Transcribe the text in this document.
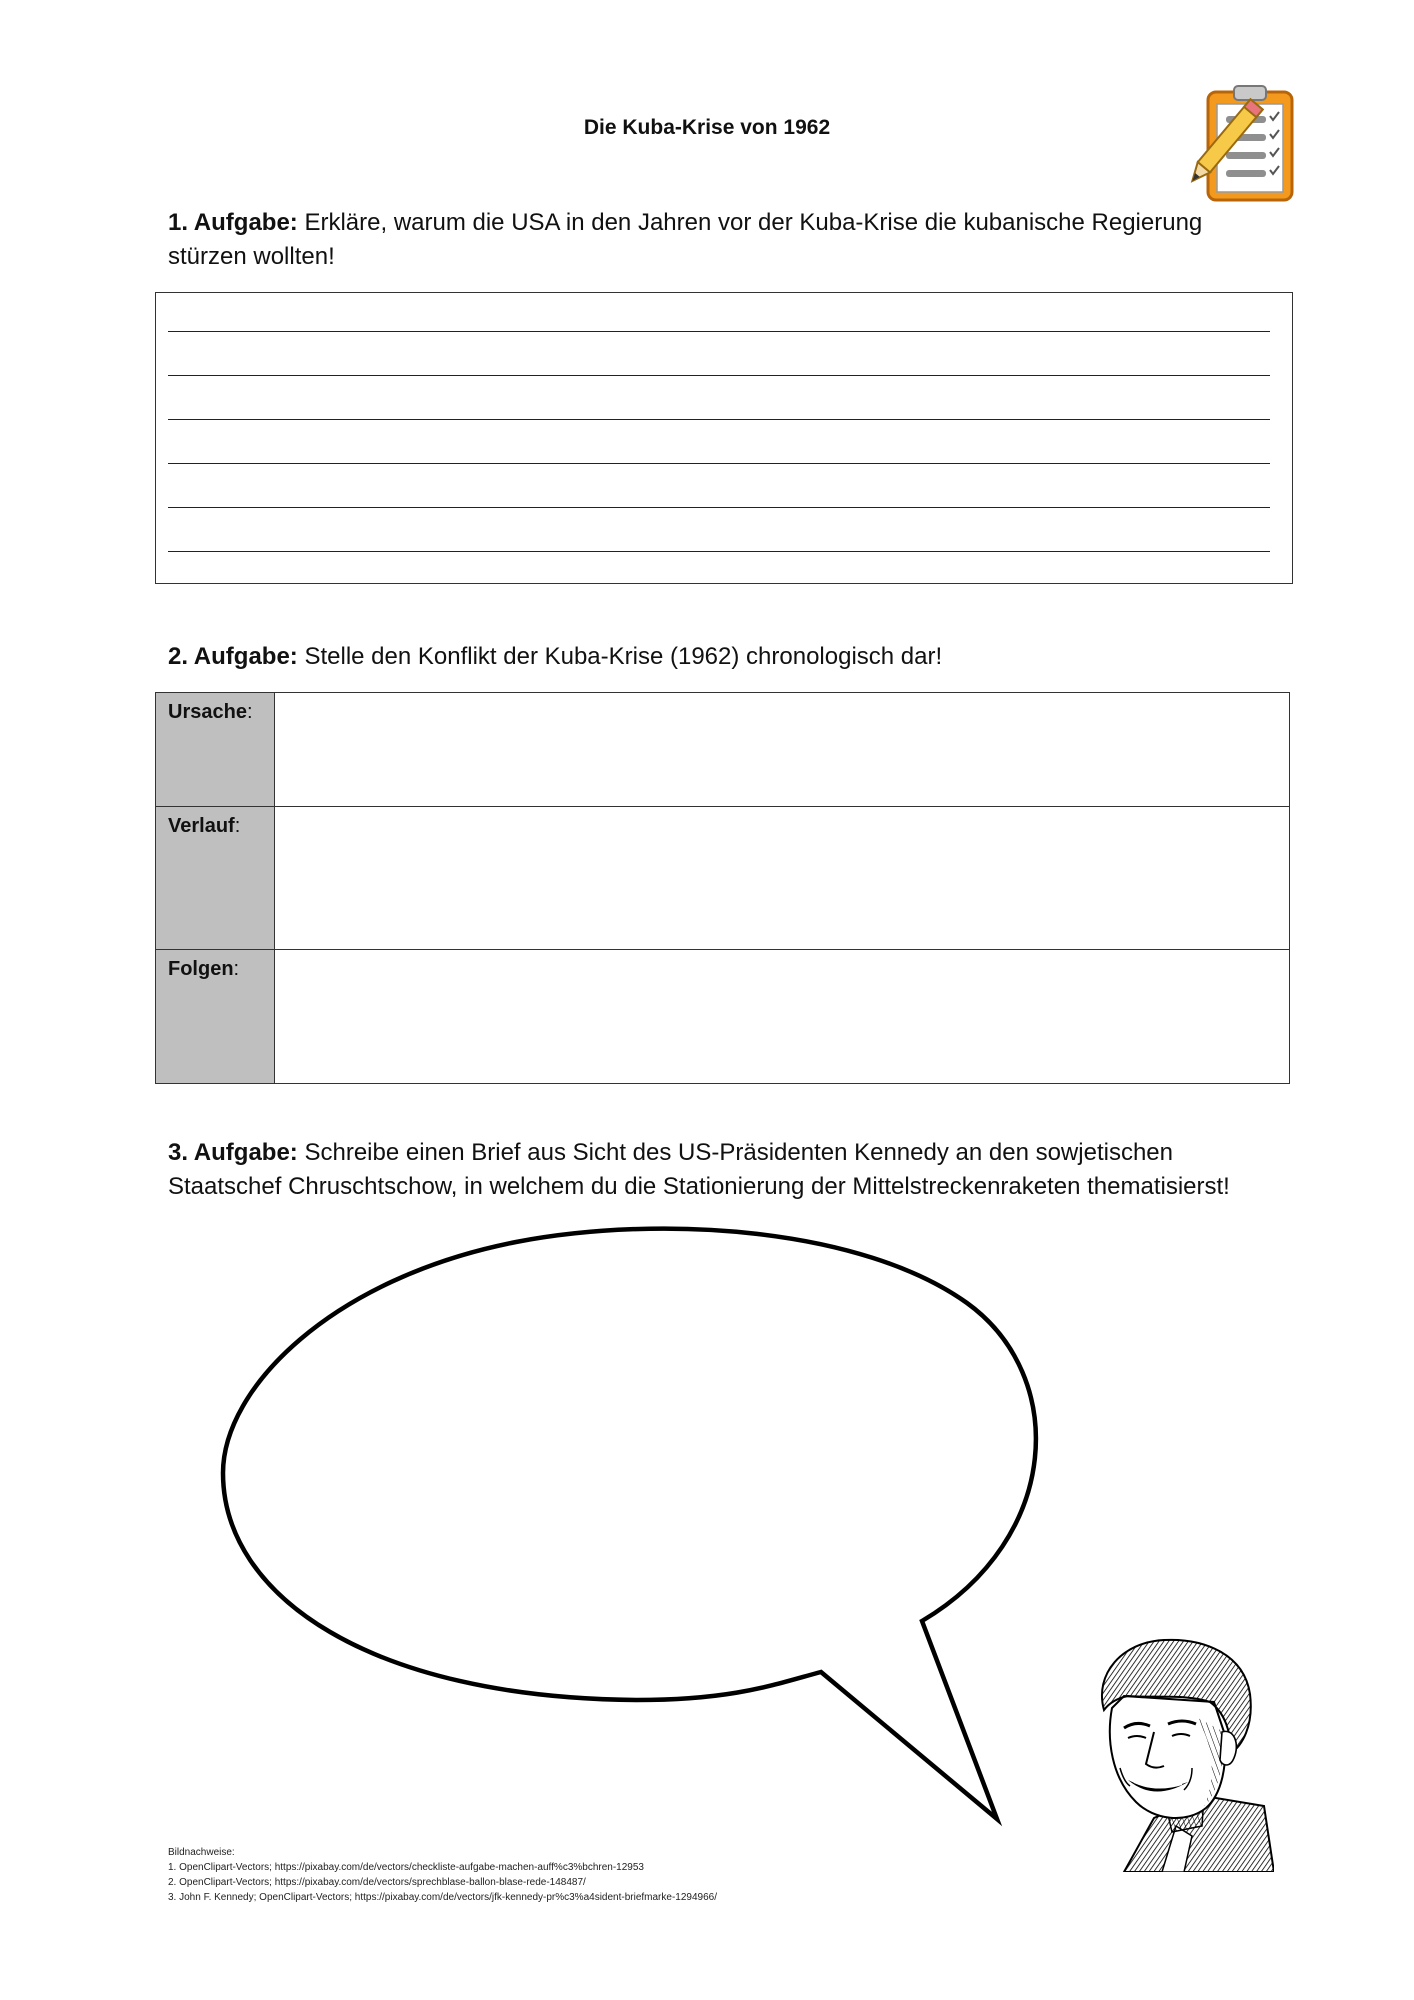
Die Kuba-Krise von 1962
1. Aufgabe: Erkläre, warum die USA in den Jahren vor der Kuba-Krise die kubanische Regierung
stürzen wollten!
2. Aufgabe: Stelle den Konflikt der Kuba-Krise (1962) chronologisch dar!
Ursache:	
Verlauf:	
Folgen:	
3. Aufgabe: Schreibe einen Brief aus Sicht des US-Präsidenten Kennedy an den sowjetischen
Staatschef Chruschtschow, in welchem du die Stationierung der Mittelstreckenraketen thematisierst!
Bildnachweise:
1. OpenClipart-Vectors; https://pixabay.com/de/vectors/checkliste-aufgabe-machen-auff%c3%bchren-12953
2. OpenClipart-Vectors; https://pixabay.com/de/vectors/sprechblase-ballon-blase-rede-148487/
3. John F. Kennedy; OpenClipart-Vectors; https://pixabay.com/de/vectors/jfk-kennedy-pr%c3%a4sident-briefmarke-1294966/
